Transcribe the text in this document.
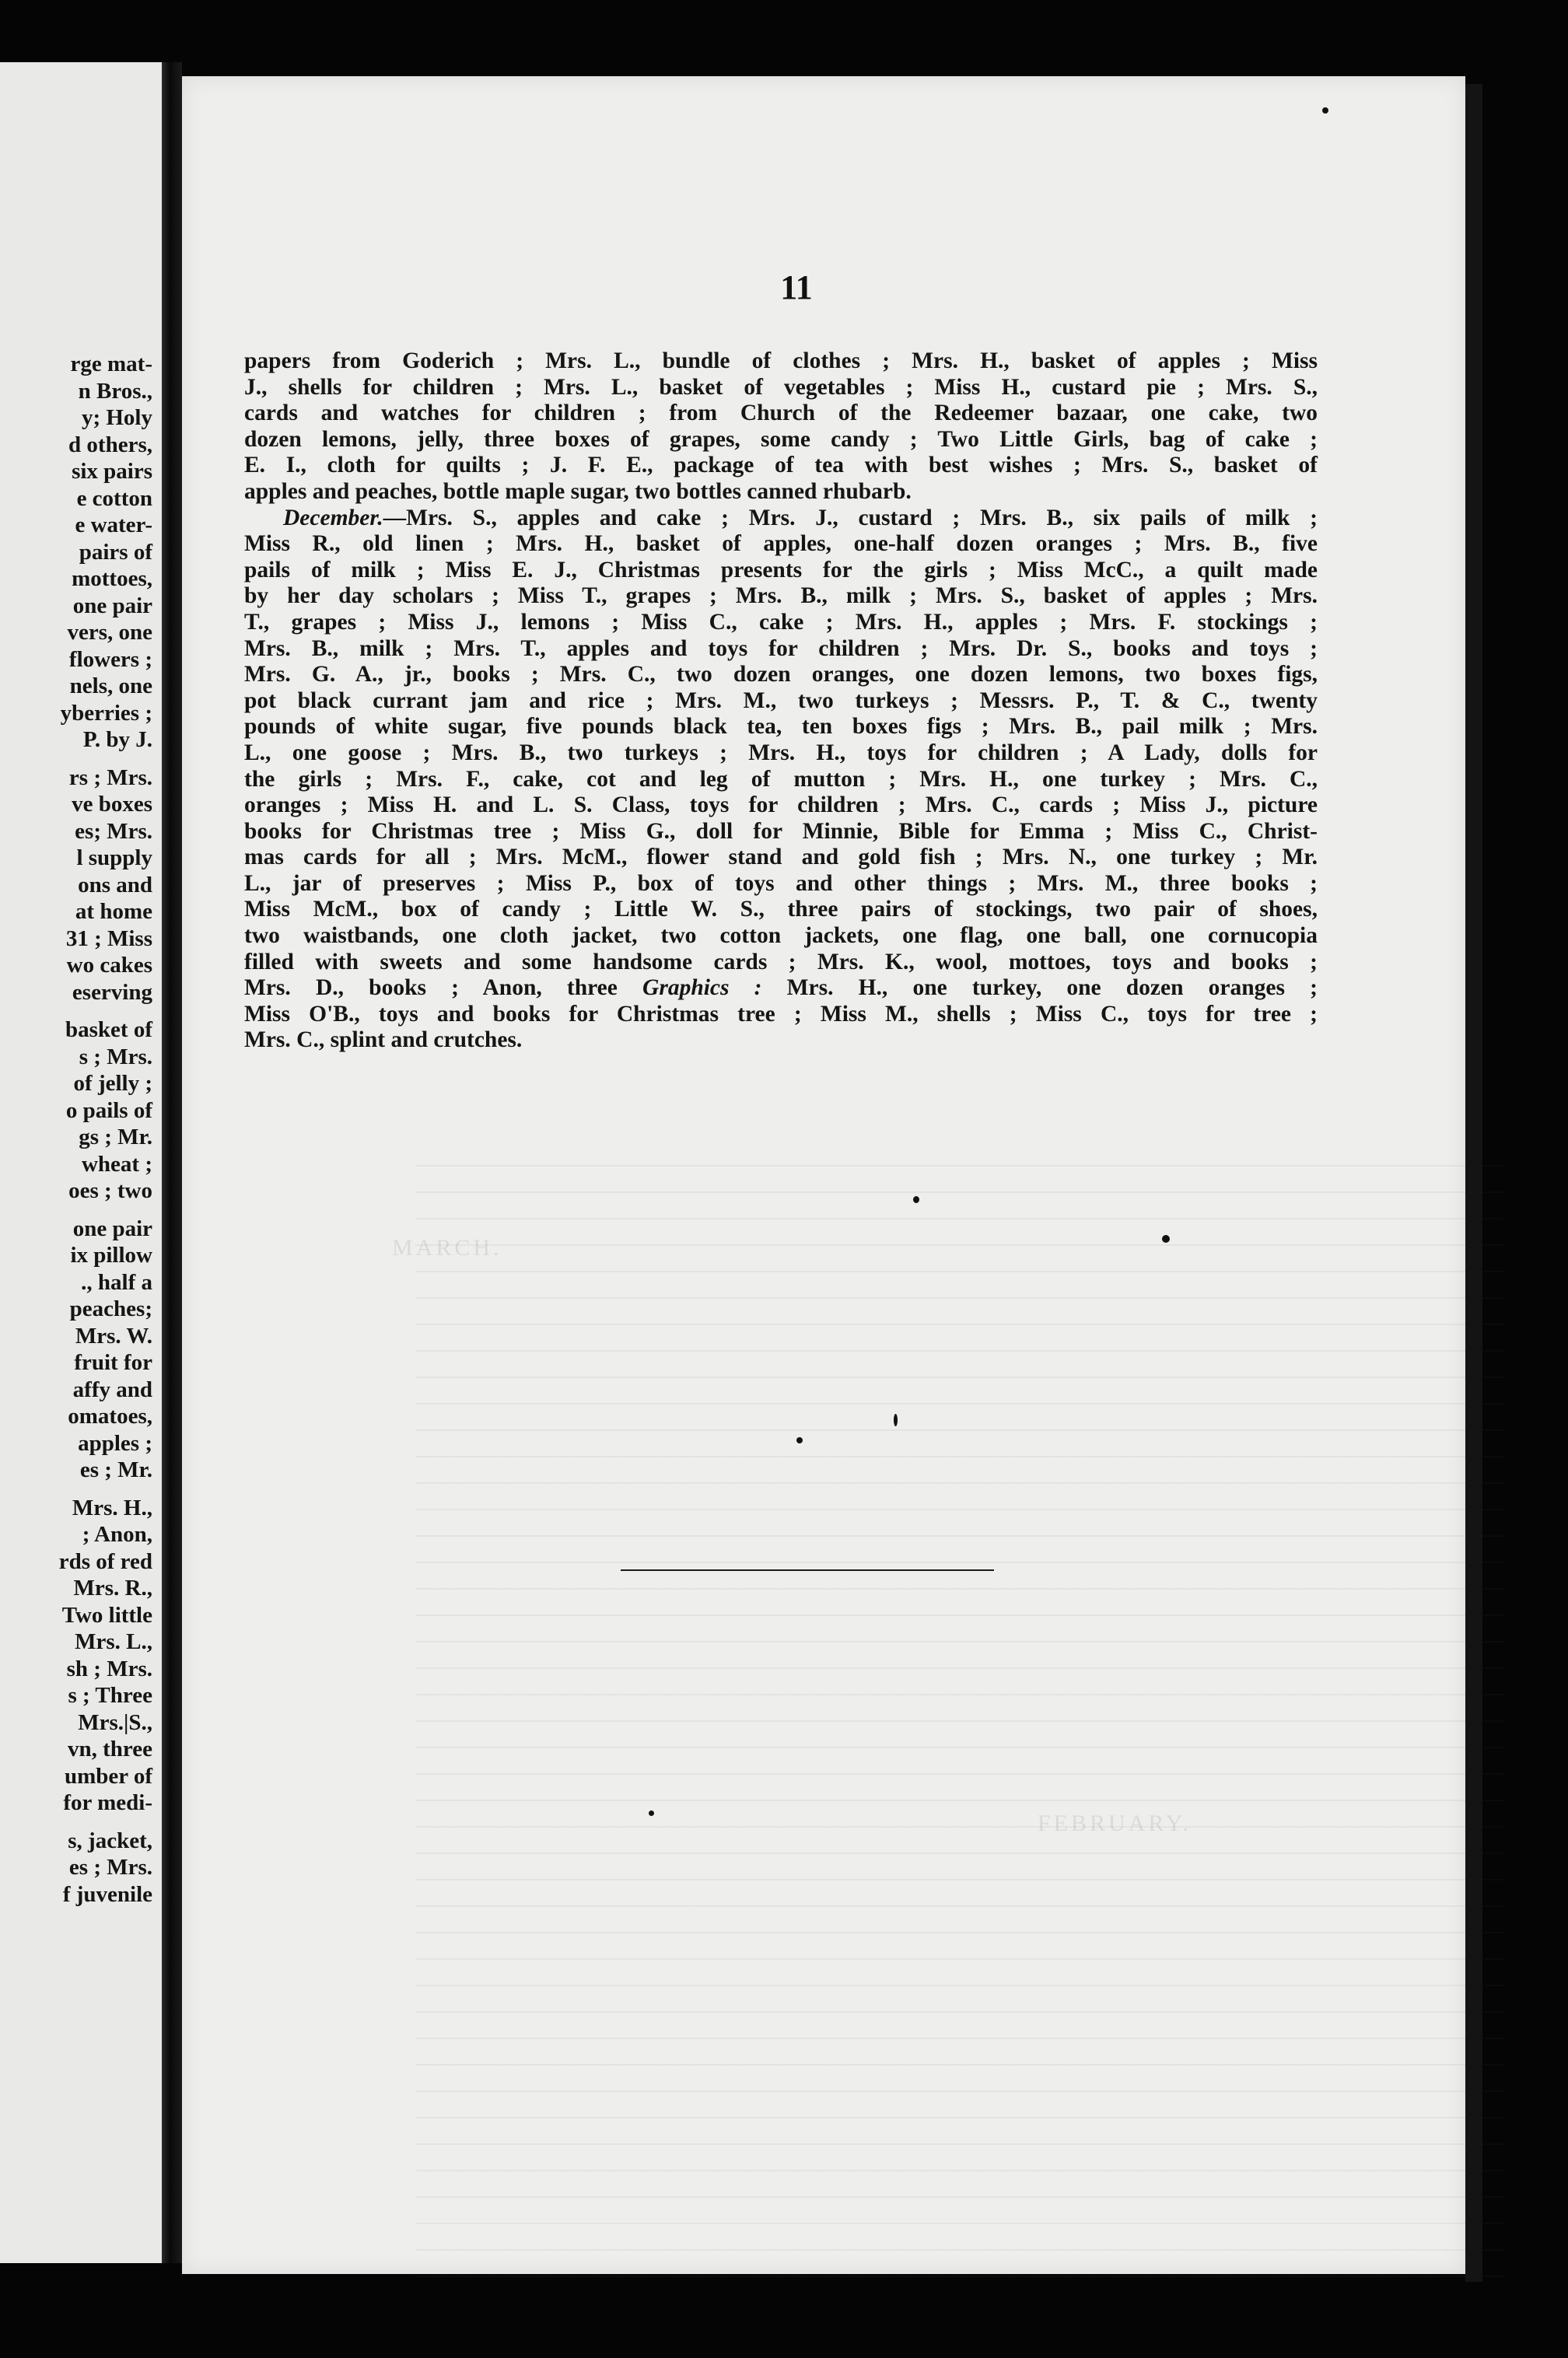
rge mat-
n Bros.,
y; Holy
d others,
six pairs
e cotton
e water-
pairs of
mottoes,
one pair
vers, one
flowers ;
nels, one
yberries ;
P. by J.
rs ; Mrs.
ve boxes
es; Mrs.
l supply
ons and
at home
31 ; Miss
wo cakes
eserving
basket of
s ; Mrs.
of jelly ;
o pails of
gs ; Mr.
wheat ;
oes ; two
one pair
ix pillow
., half a
peaches;
Mrs. W.
fruit for
affy and
omatoes,
apples ;
es ; Mr.
Mrs. H.,
; Anon,
rds of red
Mrs. R.,
Two little
Mrs. L.,
sh ; Mrs.
s ; Three
Mrs.|S.,
vn, three
umber of
for medi-
s, jacket,
es ; Mrs.
f juvenile
MARCH.
FEBRUARY.
11
papers from Goderich ; Mrs. L., bundle of clothes ; Mrs. H., basket of apples ; Miss
J., shells for children ; Mrs. L., basket of vegetables ; Miss H., custard pie ; Mrs. S.,
cards and watches for children ; from Church of the Redeemer bazaar, one cake, two
dozen lemons, jelly, three boxes of grapes, some candy ; Two Little Girls, bag of cake ;
E. I., cloth for quilts ; J. F. E., package of tea with best wishes ; Mrs. S., basket of
apples and peaches, bottle maple sugar, two bottles canned rhubarb.
December.—Mrs. S., apples and cake ; Mrs. J., custard ; Mrs. B., six pails of milk ;
Miss R., old linen ; Mrs. H., basket of apples, one-half dozen oranges ; Mrs. B., five
pails of milk ; Miss E. J., Christmas presents for the girls ; Miss McC., a quilt made
by her day scholars ; Miss T., grapes ; Mrs. B., milk ; Mrs. S., basket of apples ; Mrs.
T., grapes ; Miss J., lemons ; Miss C., cake ; Mrs. H., apples ; Mrs. F. stockings ;
Mrs. B., milk ; Mrs. T., apples and toys for children ; Mrs. Dr. S., books and toys ;
Mrs. G. A., jr., books ; Mrs. C., two dozen oranges, one dozen lemons, two boxes figs,
pot black currant jam and rice ; Mrs. M., two turkeys ; Messrs. P., T. & C., twenty
pounds of white sugar, five pounds black tea, ten boxes figs ; Mrs. B., pail milk ; Mrs.
L., one goose ; Mrs. B., two turkeys ; Mrs. H., toys for children ; A Lady, dolls for
the girls ; Mrs. F., cake, cot and leg of mutton ; Mrs. H., one turkey ; Mrs. C.,
oranges ; Miss H. and L. S. Class, toys for children ; Mrs. C., cards ; Miss J., picture
books for Christmas tree ; Miss G., doll for Minnie, Bible for Emma ; Miss C., Christ-
mas cards for all ; Mrs. McM., flower stand and gold fish ; Mrs. N., one turkey ; Mr.
L., jar of preserves ; Miss P., box of toys and other things ; Mrs. M., three books ;
Miss McM., box of candy ; Little W. S., three pairs of stockings, two pair of shoes,
two waistbands, one cloth jacket, two cotton jackets, one flag, one ball, one cornucopia
filled with sweets and some handsome cards ; Mrs. K., wool, mottoes, toys and books ;
Mrs. D., books ; Anon, three Graphics : Mrs. H., one turkey, one dozen oranges ;
Miss O'B., toys and books for Christmas tree ; Miss M., shells ; Miss C., toys for tree ;
Mrs. C., splint and crutches.
